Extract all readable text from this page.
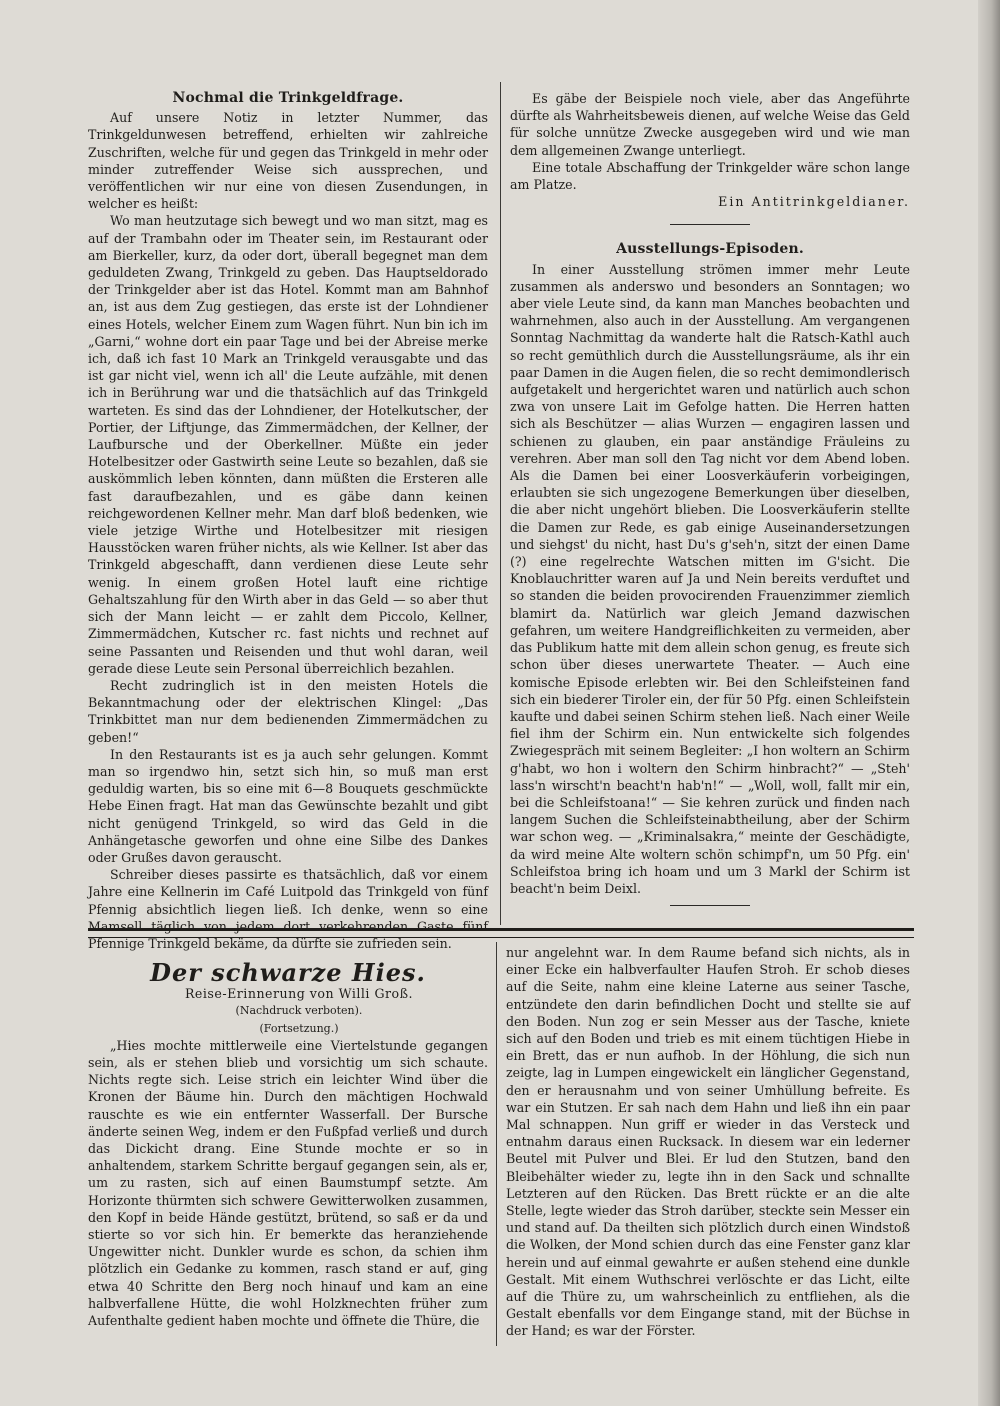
Nochmal die Trinkgeldfrage.

Auf unsere Notiz in letzter Nummer, das Trinkgeldunwesen betreffend, erhielten wir zahlreiche Zuschriften, welche für und gegen das Trinkgeld in mehr oder minder zutreffender Weise sich aussprechen, und veröffentlichen wir nur eine von diesen Zusendungen, in welcher es heißt:

Wo man heutzutage sich bewegt und wo man sitzt, mag es auf der Trambahn oder im Theater sein, im Restaurant oder am Bierkeller, kurz, da oder dort, überall begegnet man dem geduldeten Zwang, Trinkgeld zu geben. Das Hauptseldorado der Trinkgelder aber ist das Hotel. Kommt man am Bahnhof an, ist aus dem Zug gestiegen, das erste ist der Lohndiener eines Hotels, welcher Einem zum Wagen führt. Nun bin ich im „Garni,“ wohne dort ein paar Tage und bei der Abreise merke ich, daß ich fast 10 Mark an Trinkgeld verausgabte und das ist gar nicht viel, wenn ich all' die Leute aufzähle, mit denen ich in Berührung war und die thatsächlich auf das Trinkgeld warteten. Es sind das der Lohndiener, der Hotelkutscher, der Portier, der Liftjunge, das Zimmermädchen, der Kellner, der Laufbursche und der Oberkellner. Müßte ein jeder Hotelbesitzer oder Gastwirth seine Leute so bezahlen, daß sie auskömmlich leben könnten, dann müßten die Ersteren alle fast daraufbezahlen, und es gäbe dann keinen reichgewordenen Kellner mehr. Man darf bloß bedenken, wie viele jetzige Wirthe und Hotelbesitzer mit riesigen Hausstöcken waren früher nichts, als wie Kellner. Ist aber das Trinkgeld abgeschafft, dann verdienen diese Leute sehr wenig. In einem großen Hotel lauft eine richtige Gehaltszahlung für den Wirth aber in das Geld — so aber thut sich der Mann leicht — er zahlt dem Piccolo, Kellner, Zimmermädchen, Kutscher rc. fast nichts und rechnet auf seine Passanten und Reisenden und thut wohl daran, weil gerade diese Leute sein Personal überreichlich bezahlen.

Recht zudringlich ist in den meisten Hotels die Bekanntmachung oder der elektrischen Klingel: „Das Trinkbittet man nur dem bedienenden Zimmermädchen zu geben!“

In den Restaurants ist es ja auch sehr gelungen. Kommt man so irgendwo hin, setzt sich hin, so muß man erst geduldig warten, bis so eine mit 6—8 Bouquets geschmückte Hebe Einen fragt. Hat man das Gewünschte bezahlt und gibt nicht genügend Trinkgeld, so wird das Geld in die Anhängetasche geworfen und ohne eine Silbe des Dankes oder Grußes davon gerauscht.

Schreiber dieses passirte es thatsächlich, daß vor einem Jahre eine Kellnerin im Café Luitpold das Trinkgeld von fünf Pfennig absichtlich liegen ließ. Ich denke, wenn so eine Mamsell täglich von jedem dort verkehrenden Gaste fünf Pfennige Trinkgeld bekäme, da dürfte sie zufrieden sein.

Es gäbe der Beispiele noch viele, aber das Angeführte dürfte als Wahrheitsbeweis dienen, auf welche Weise das Geld für solche unnütze Zwecke ausgegeben wird und wie man dem allgemeinen Zwange unterliegt.

Eine totale Abschaffung der Trinkgelder wäre schon lange am Platze.

Ein Antitrinkgeldianer.

Ausstellungs-Episoden.

In einer Ausstellung strömen immer mehr Leute zusammen als anderswo und besonders an Sonntagen; wo aber viele Leute sind, da kann man Manches beobachten und wahrnehmen, also auch in der Ausstellung. Am vergangenen Sonntag Nachmittag da wanderte halt die Ratsch-Kathl auch so recht gemüthlich durch die Ausstellungsräume, als ihr ein paar Damen in die Augen fielen, die so recht demimondlerisch aufgetakelt und hergerichtet waren und natürlich auch schon zwa von unsere Lait im Gefolge hatten. Die Herren hatten sich als Beschützer — alias Wurzen — engagiren lassen und schienen zu glauben, ein paar anständige Fräuleins zu verehren. Aber man soll den Tag nicht vor dem Abend loben. Als die Damen bei einer Loosverkäuferin vorbeigingen, erlaubten sie sich ungezogene Bemerkungen über dieselben, die aber nicht ungehört blieben. Die Loosverkäuferin stellte die Damen zur Rede, es gab einige Auseinandersetzungen und siehgst' du nicht, hast Du's g'seh'n, sitzt der einen Dame (?) eine regelrechte Watschen mitten im G'sicht. Die Knoblauchritter waren auf Ja und Nein bereits verduftet und so standen die beiden provocirenden Frauenzimmer ziemlich blamirt da. Natürlich war gleich Jemand dazwischen gefahren, um weitere Handgreiflichkeiten zu vermeiden, aber das Publikum hatte mit dem allein schon genug, es freute sich schon über dieses unerwartete Theater. — Auch eine komische Episode erlebten wir. Bei den Schleifsteinen fand sich ein biederer Tiroler ein, der für 50 Pfg. einen Schleifstein kaufte und dabei seinen Schirm stehen ließ. Nach einer Weile fiel ihm der Schirm ein. Nun entwickelte sich folgendes Zwiegespräch mit seinem Begleiter: „I hon woltern an Schirm g'habt, wo hon i woltern den Schirm hinbracht?“ — „Steh' lass'n wirscht'n beacht'n hab'n!“ — „Woll, woll, fallt mir ein, bei die Schleifstoana!“ — Sie kehren zurück und finden nach langem Suchen die Schleifsteinabtheilung, aber der Schirm war schon weg. — „Kriminalsakra,“ meinte der Geschädigte, da wird meine Alte woltern schön schimpf'n, um 50 Pfg. ein' Schleifstoa bring ich hoam und um 3 Markl der Schirm ist beacht'n beim Deixl.

Der schwarze Hies.

Reise-Erinnerung von Willi Groß.

(Nachdruck verboten).

(Fortsetzung.)

„Hies mochte mittlerweile eine Viertelstunde gegangen sein, als er stehen blieb und vorsichtig um sich schaute. Nichts regte sich. Leise strich ein leichter Wind über die Kronen der Bäume hin. Durch den mächtigen Hochwald rauschte es wie ein entfernter Wasserfall. Der Bursche änderte seinen Weg, indem er den Fußpfad verließ und durch das Dickicht drang. Eine Stunde mochte er so in anhaltendem, starkem Schritte bergauf gegangen sein, als er, um zu rasten, sich auf einen Baumstumpf setzte. Am Horizonte thürmten sich schwere Gewitterwolken zusammen, den Kopf in beide Hände gestützt, brütend, so saß er da und stierte so vor sich hin. Er bemerkte das heranziehende Ungewitter nicht. Dunkler wurde es schon, da schien ihm plötzlich ein Gedanke zu kommen, rasch stand er auf, ging etwa 40 Schritte den Berg noch hinauf und kam an eine halbverfallene Hütte, die wohl Holzknechten früher zum Aufenthalte gedient haben mochte und öffnete die Thüre, die

nur angelehnt war. In dem Raume befand sich nichts, als in einer Ecke ein halbverfaulter Haufen Stroh. Er schob dieses auf die Seite, nahm eine kleine Laterne aus seiner Tasche, entzündete den darin befindlichen Docht und stellte sie auf den Boden. Nun zog er sein Messer aus der Tasche, kniete sich auf den Boden und trieb es mit einem tüchtigen Hiebe in ein Brett, das er nun aufhob. In der Höhlung, die sich nun zeigte, lag in Lumpen eingewickelt ein länglicher Gegenstand, den er herausnahm und von seiner Umhüllung befreite. Es war ein Stutzen. Er sah nach dem Hahn und ließ ihn ein paar Mal schnappen. Nun griff er wieder in das Versteck und entnahm daraus einen Rucksack. In diesem war ein lederner Beutel mit Pulver und Blei. Er lud den Stutzen, band den Bleibehälter wieder zu, legte ihn in den Sack und schnallte Letzteren auf den Rücken. Das Brett rückte er an die alte Stelle, legte wieder das Stroh darüber, steckte sein Messer ein und stand auf. Da theilten sich plötzlich durch einen Windstoß die Wolken, der Mond schien durch das eine Fenster ganz klar herein und auf einmal gewahrte er außen stehend eine dunkle Gestalt. Mit einem Wuthschrei verlöschte er das Licht, eilte auf die Thüre zu, um wahrscheinlich zu entfliehen, als die Gestalt ebenfalls vor dem Eingange stand, mit der Büchse in der Hand; es war der Förster.
